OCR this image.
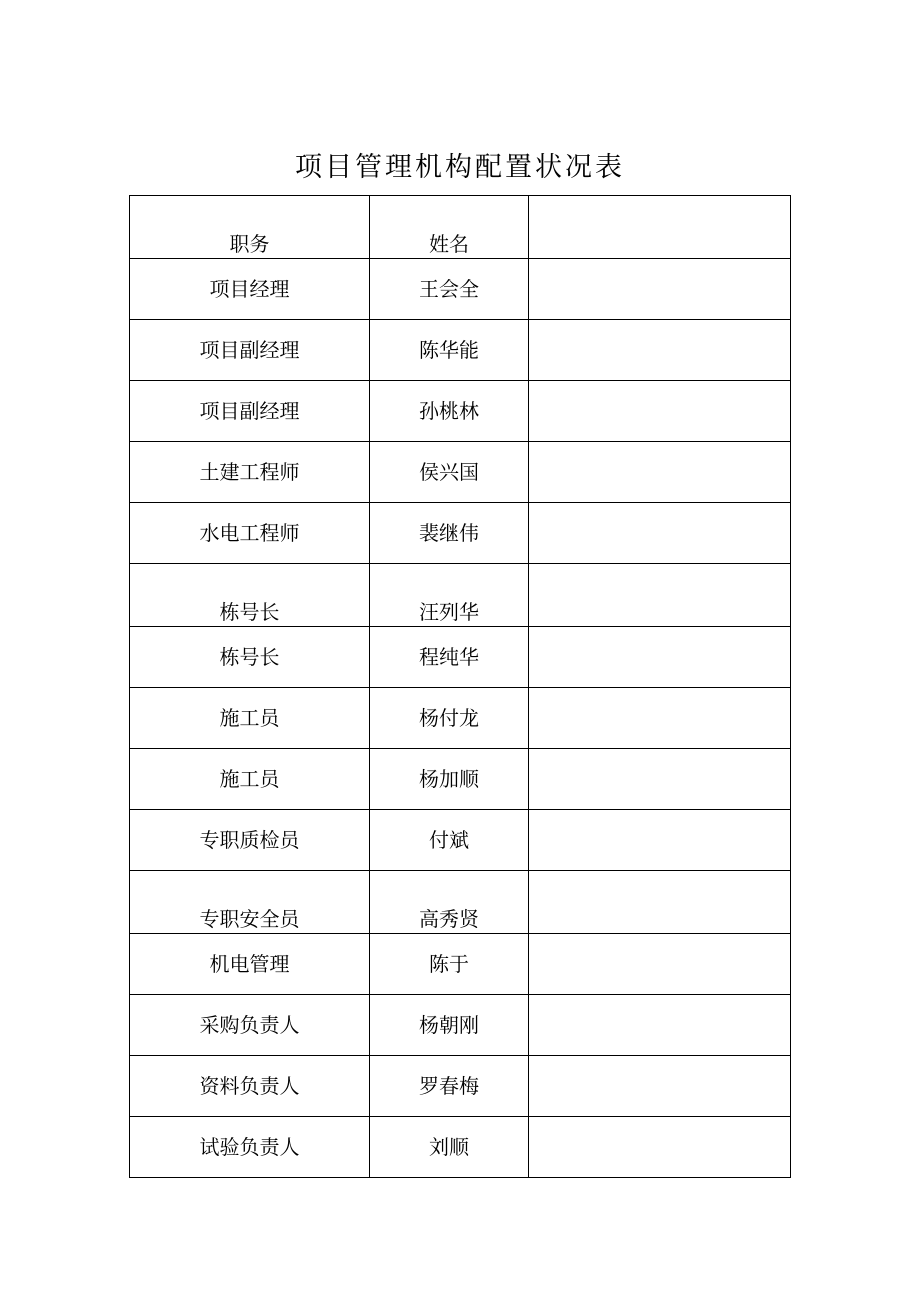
项目管理机构配置状况表
职务	姓名	
项目经理	王会全	
项目副经理	陈华能	
项目副经理	孙桃林	
土建工程师	侯兴国	
水电工程师	裴继伟	
栋号长	汪列华	
栋号长	程纯华	
施工员	杨付龙	
施工员	杨加顺	
专职质检员	付斌	
专职安全员	高秀贤	
机电管理	陈于	
采购负责人	杨朝刚	
资料负责人	罗春梅	
试验负责人	刘顺	
